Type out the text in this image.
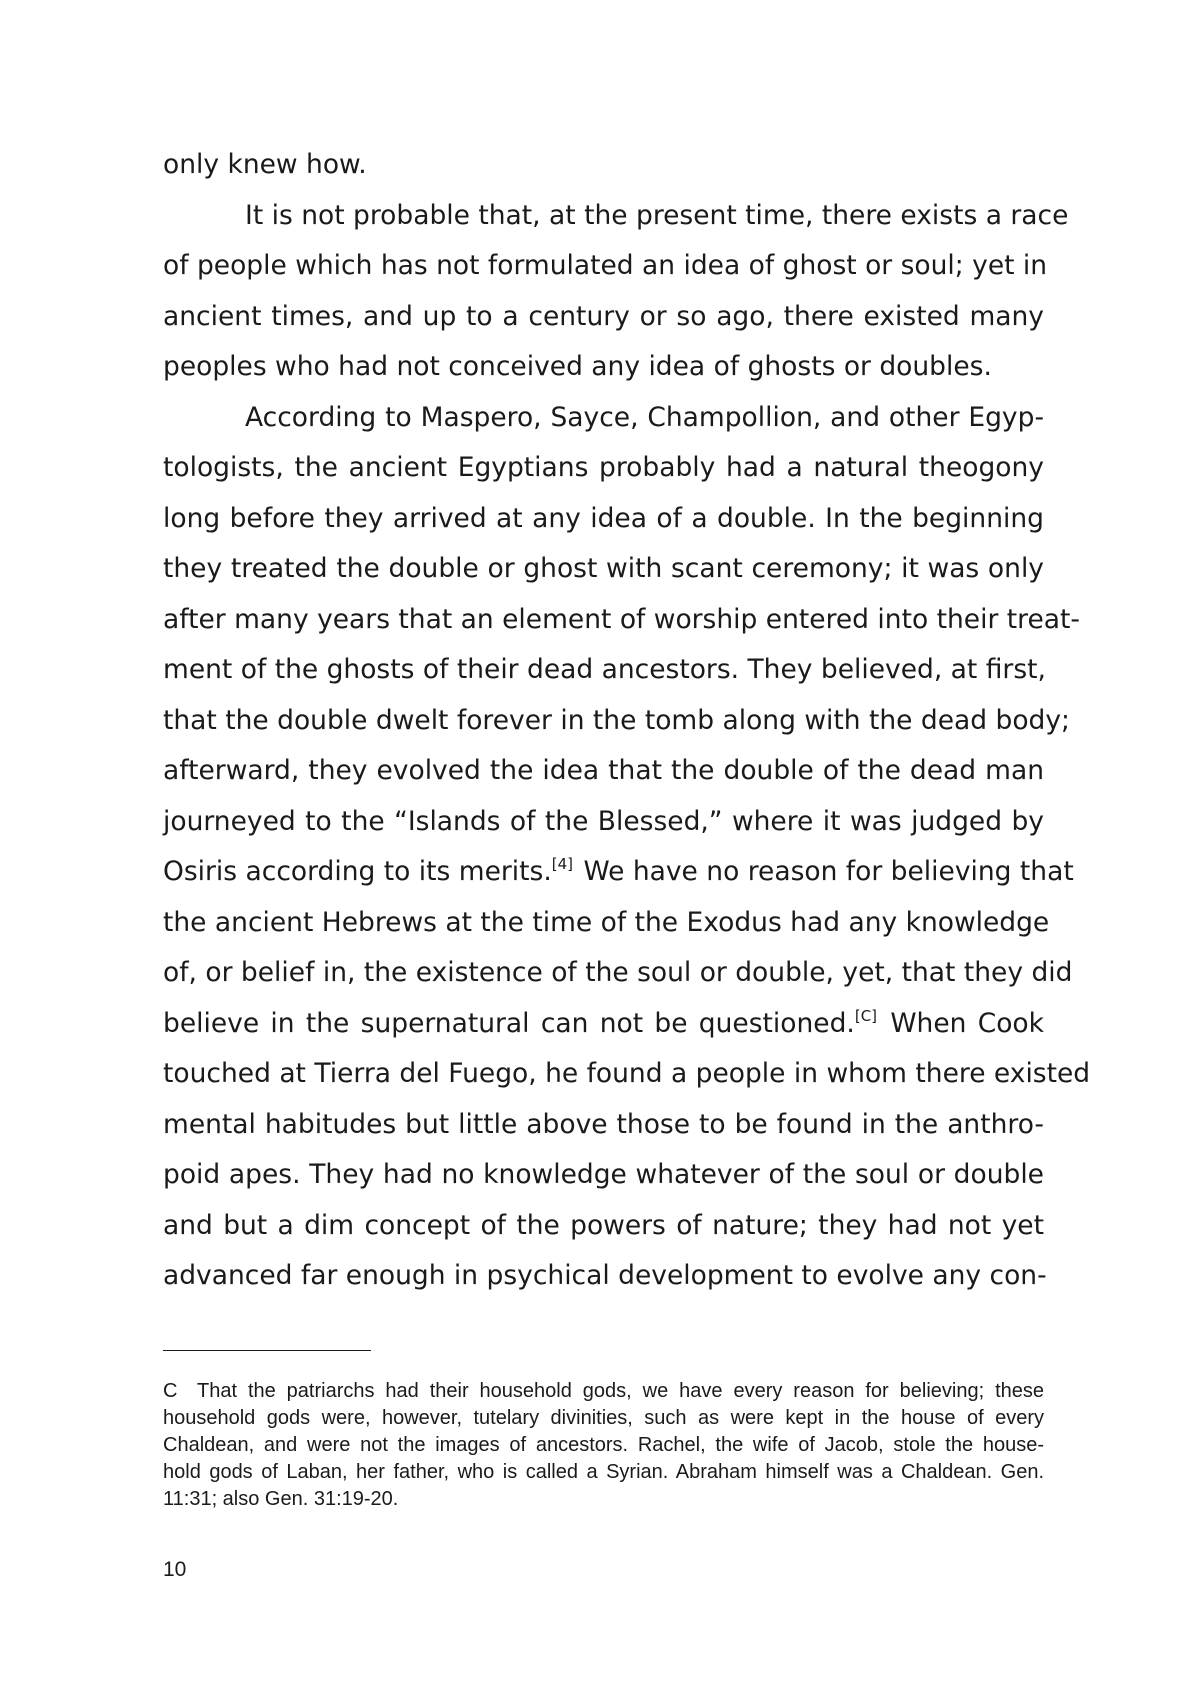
only knew how.
It is not probable that, at the present time, there exists a race
of people which has not formulated an idea of ghost or soul; yet in
ancient times, and up to a century or so ago, there existed many
peoples who had not conceived any idea of ghosts or doubles.
According to Maspero, Sayce, Champollion, and other Egyp-
tologists, the ancient Egyptians probably had a natural theogony
long before they arrived at any idea of a double. In the beginning
they treated the double or ghost with scant ceremony; it was only
after many years that an element of worship entered into their treat-
ment of the ghosts of their dead ancestors. They believed, at first,
that the double dwelt forever in the tomb along with the dead body;
afterward, they evolved the idea that the double of the dead man
journeyed to the “Islands of the Blessed,” where it was judged by
Osiris according to its merits.[4] We have no reason for believing that
the ancient Hebrews at the time of the Exodus had any knowledge
of, or belief in, the existence of the soul or double, yet, that they did
believe in the supernatural can not be questioned.[C] When Cook
touched at Tierra del Fuego, he found a people in whom there existed
mental habitudes but little above those to be found in the anthro-
poid apes. They had no knowledge whatever of the soul or double
and but a dim concept of the powers of nature; they had not yet
advanced far enough in psychical development to evolve any con-
C That the patriarchs had their household gods, we have every reason for believing; these
household gods were, however, tutelary divinities, such as were kept in the house of every
Chaldean, and were not the images of ancestors. Rachel, the wife of Jacob, stole the house-
hold gods of Laban, her father, who is called a Syrian. Abraham himself was a Chaldean. Gen.
11:31; also Gen. 31:19-20.
10
